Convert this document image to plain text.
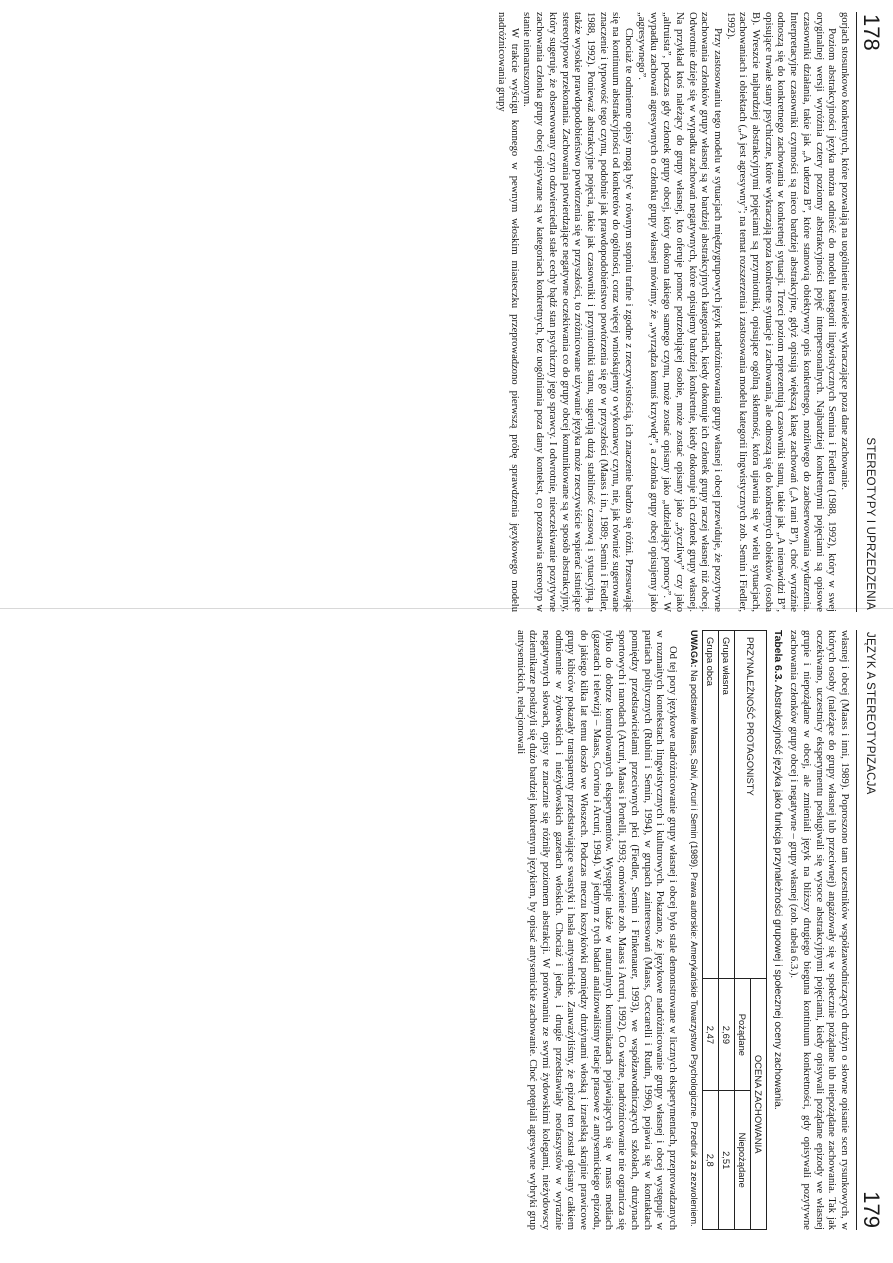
178
STEREOTYPY I UPRZEDZENIA

gorjach stosunkowo konkretnych, które pozwalają na uogólnienie niewiele wykraczające poza dane zachowanie.

Poziom abstrakcyjności języka można odnieść do modelu kategorii lingwistycznych Semina i Fiedlera (1988, 1992), który w swej oryginalnej wersji wyróżnia cztery poziomy abstrakcyjności pojęć interpersonalnych. Najbardziej konkretnymi pojęciami są opisowe czasowniki działania, takie jak „A uderza B”, które stanowią obiektywny opis konkretnego, możliwego do zaobserwowania wydarzenia. Interpretacyjne czasowniki czynności są nieco bardziej abstrakcyjne, gdyż opisują większą klasę zachowań („A rani B”), choć wyraźnie odnoszą się do konkretnego zachowania w konkretnej sytuacji. Trzeci poziom reprezentują czasowniki stanu, takie jak „A nienawidzi B”, opisujące trwałe stany psychiczne, które wykraczają poza konkretne sytuacje i zachowania, ale odnoszą się do konkretnych obiektów (osoba B). Wreszcie najbardziej abstrakcyjnymi pojęciami są przymiotniki, opisujące ogólną skłonność, która ujawnia się w wielu sytuacjach, zachowaniach i obiektach („A jest agresywny”; na temat rozszerzenia i zastosowania modelu kategorii lingwistycznych zob. Semin i Fiedler, 1992).

Przy zastosowaniu tego modelu w sytuacjach międzygrupowych język nadróżnicowania grupy własnej i obcej przewiduje, że pozytywne zachowania członków grupy własnej są w bardziej abstrakcyjnych kategoriach, kiedy dokonuje ich członek grupy raczej własnej niż obcej. Odwrotnie dzieje się w wypadku zachowań negatywnych, które opisujemy bardziej konkretnie, kiedy dokonuje ich członek grupy własnej. Na przykład ktoś należący do grupy własnej, kto oferuje pomoc potrzebującej osobie, może zostać opisany jako „życzliwy” czy jako „altruista”, podczas gdy członek grupy obcej, który dokona takiego samego czynu, może zostać opisany jako „udzielający pomocy”. W wypadku zachowań agresywnych o członku grupy własnej mówimy, że „wyrządza komuś krzywdę”, a członka grupy obcej opisujemy jako „agresywnego”.

Chociaż te odmienne opisy mogą być w równym stopniu trafne i zgodne z rzeczywistością, ich znaczenie bardzo się różni. Przesuwając się na kontinuum abstrakcyjności od konkretów do ogólności, coraz więcej wnioskujemy o wykonawcy czynu, nie, jak również sugerowane znaczenie i typowość tego czynu, podobnie jak prawdopodobieństwo powtórzenia się go w przyszłości (Maass i in., 1989; Semin i Fiedler, 1988, 1992). Ponieważ abstrakcyjne pojęcia, takie jak czasowniki i przymiotniki stanu, sugerują dużą stabilność czasową i sytuacyjną, a także wysokie prawdopodobieństwo powtórzenia się w przyszłości, to zróżnicowane używanie języka może rzeczywiście wspierać istniejące stereotypowe przekonania. Zachowania potwierdzające negatywne oczekiwania co do grupy obcej komunikowane są w sposób abstrakcyjny, który sugeruje, że obserwowany czyn odzwierciedla stałe cechy bądź stan psychiczny jego sprawcy. I odwrotnie, nieoczekiwanie pozytywne zachowania członka grupy obcej opisywane są w kategoriach konkretnych, bez uogólniania poza dany kontekst, co pozostawia stereotyp w stanie nienaruszonym.

W trakcie wyścigu konnego w pewnym włoskim miasteczku przeprowadzono pierwszą próbę sprawdzenia językowego modelu nadróżnicowania grupy

JĘZYK A STEREOTYPIZACJA
179

własnej i obcej (Maass i inni, 1989). Poproszono tam uczestników współzawodniczących drużyn o słowne opisanie scen rysunkowych, w których osoby (należące do grupy własnej lub przeciwnej) angażowały się w społecznie pożądane lub niepożądane zachowania. Tak jak oczekiwano, uczestnicy eksperymentu posługiwali się wysoce abstrakcyjnymi pojęciami, kiedy opisywali pożądane epizody we własnej grupie i niepożądane w obcej, ale zmieniali język na bliższy drugiego bieguna kontinuum konkretności, gdy opisywali pozytywne zachowania członków grupy obcej i negatywne – grupy własnej (zob. tabela 6.3.).

Tabela 6.3. Abstrakcyjność języka jako funkcja przynależności grupowej i społecznej oceny zachowania.

PRZYNALEŻNOŚĆ PROTAGONISTY	OCENA ZACHOWANIA	
	Pożądane	Niepożądane
Grupa własna	2,69	2,51
Grupa obca	2,47	2,8

UWAGA: Na podstawie Maass, Salvi, Arcuri i Semin (1989). Prawa autorskie: Amerykańskie Towarzystwo Psychologiczne. Przedruk za zezwoleniem.

Od tej pory językowe nadróżnicowanie grupy własnej i obcej było stale demonstrowane w licznych eksperymentach, przeprowadzanych w rozmaitych kontekstach lingwistycznych i kulturowych. Pokazano, że językowe nadróżnicowanie grupy własnej i obcej występuje w partiach politycznych (Rubini i Semin, 1994), w grupach zainteresowań (Maass, Ceccarelli i Rudin, 1996), pojawia się w kontaktach pomiędzy przedstawicielami przeciwnych płci (Fiedler, Semin i Finkenauer, 1993), we współzawodniczących szkołach, drużynach sportowych i narodach (Arcuri, Maass i Portelli, 1993; omówienie zob. Maass i Arcuri, 1992). Co ważne, nadróżnicowanie nie ogranicza się tylko do dobrze kontrolowanych eksperymentów. Występuje także w naturalnych komunikatach pojawiających się w mass mediach (gazetach i telewizji – Maass, Corvino i Arcuri, 1994). W jednym z tych badań analizowaliśmy relacje prasowe z antysemickiego epizodu, do jakiego kilka lat temu doszło we Włoszech. Podczas meczu koszykówki pomiędzy drużynami włoską i izraelską skrajnie prawicowe grupy kibiców pokazały transparenty przedstawiające swastyki i hasła antysemickie. Zauważyliśmy, że epizod ten został opisany całkiem odmiennie w żydowskich i nieżydowskich gazetach włoskich. Chociaż i jedne, i drugie przedstawiały neofaszystów w wyraźnie negatywnych słowach, opisy te znacznie się różniły poziomem abstrakcji. W porównaniu ze swymi żydowskimi kolegami, nieżydowscy dziennikarze posłużyli się dużo bardziej konkretnym językiem, by opisać antysemickie zachowanie. Choć potępiali agresywne wybryki grup antysemickich, relacjonowali
